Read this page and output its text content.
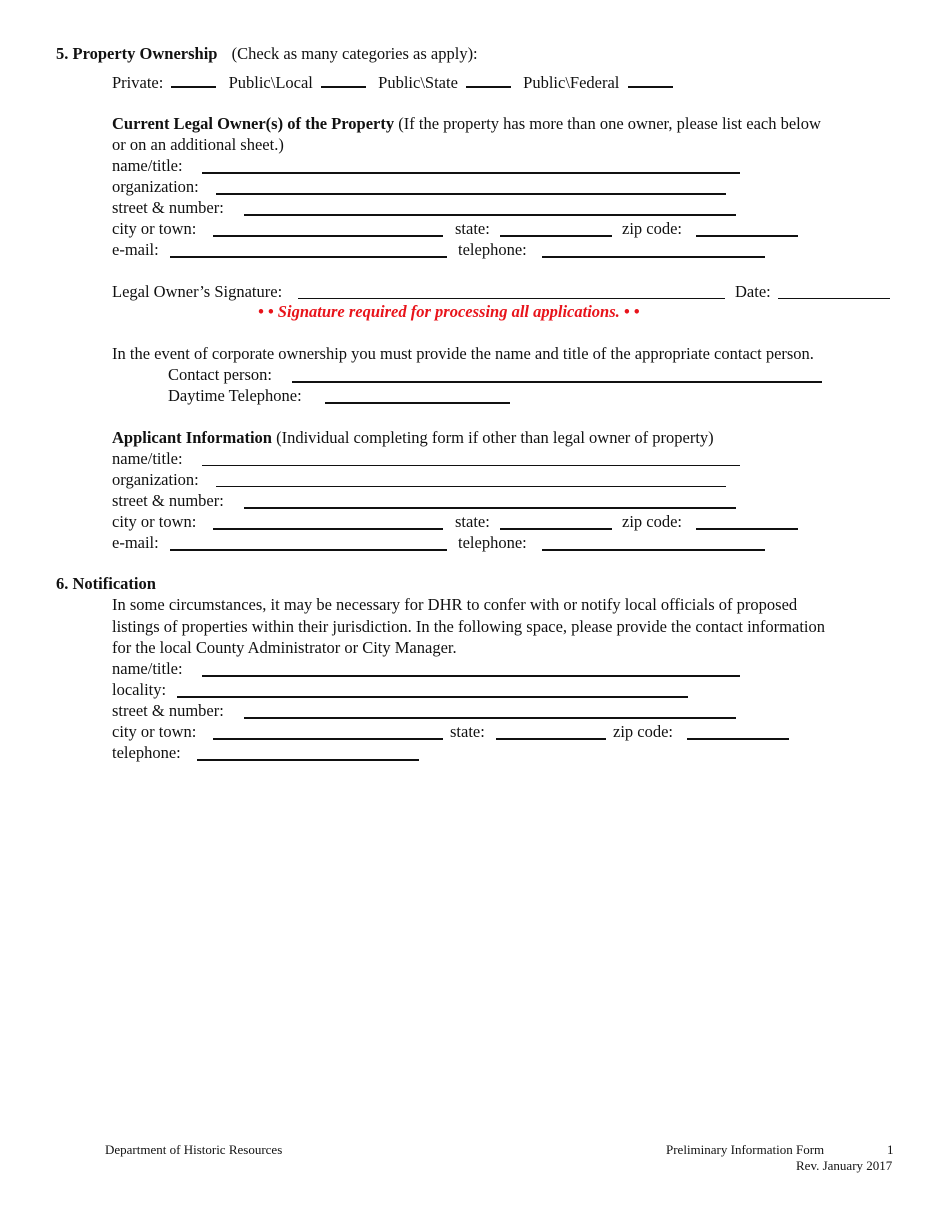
5. Property Ownership (Check as many categories as apply):
Private:	Public\Local	Public\State	Public\Federal
Current Legal Owner(s) of the Property (If the property has more than one owner, please list each below
or on an additional sheet.)
name/title:
organization:
street & number:
city or town:	state:	zip code:
e-mail:	telephone:
Legal Owner’s Signature:	Date:
• • Signature required for processing all applications. • •
In the event of corporate ownership you must provide the name and title of the appropriate contact person.
Contact person:
Daytime Telephone:
Applicant Information (Individual completing form if other than legal owner of property)
name/title:
organization:
street & number:
city or town:	state:	zip code:
e-mail:	telephone:
6. Notification
In some circumstances, it may be necessary for DHR to confer with or notify local officials of proposed
listings of properties within their jurisdiction. In the following space, please provide the contact information
for the local County Administrator or City Manager.
name/title:
locality:
street & number:
city or town:	state:	zip code:
telephone:
Department of Historic Resources	Preliminary Information Form	1
Rev. January 2017
